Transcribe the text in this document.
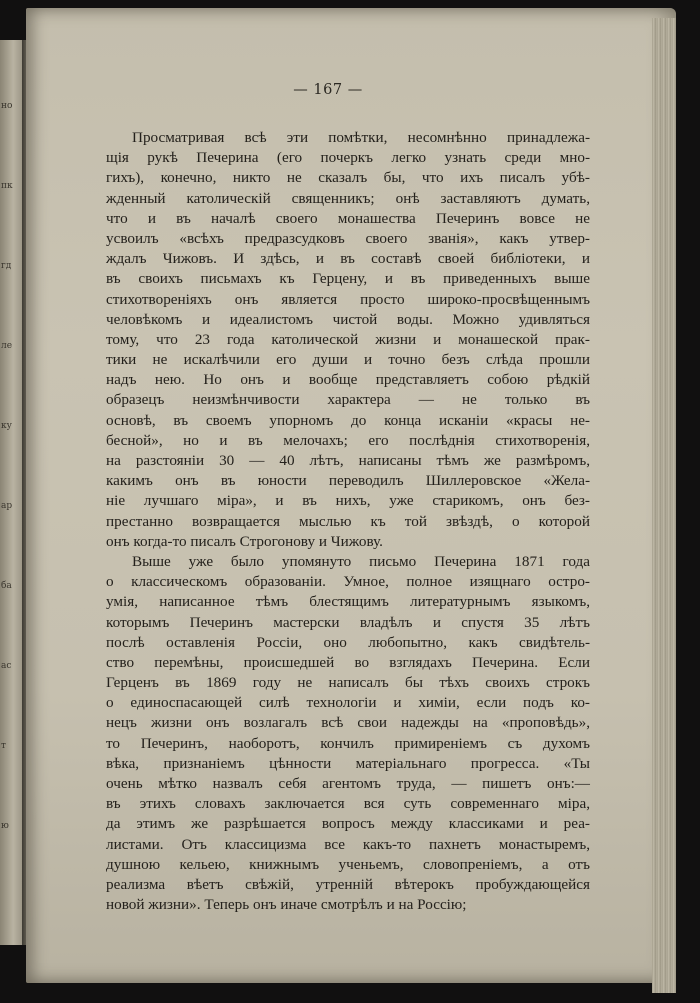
но
пк
гд
ле
ку
ар
ба
ас
т
ю
— 167 —
Просматривая всѣ эти помѣтки, несомнѣнно принадлежа-
щія рукѣ Печерина (его почеркъ легко узнать среди мно-
гихъ), конечно, никто не сказалъ бы, что ихъ писалъ убѣ-
жденный католическій священникъ; онѣ заставляютъ думать,
что и въ началѣ своего монашества Печеринъ вовсе не
усвоилъ «всѣхъ предразсудковъ своего званія», какъ утвер-
ждалъ Чижовъ. И здѣсь, и въ составѣ своей библіотеки, и
въ своихъ письмахъ къ Герцену, и въ приведенныхъ выше
стихотвореніяхъ онъ является просто широко-просвѣщеннымъ
человѣкомъ и идеалистомъ чистой воды. Можно удивляться
тому, что 23 года католической жизни и монашеской прак-
тики не искалѣчили его души и точно безъ слѣда прошли
надъ нею. Но онъ и вообще представляетъ собою рѣдкій
образецъ неизмѣнчивости характера — не только въ
основѣ, въ своемъ упорномъ до конца исканіи «красы не-
бесной», но и въ мелочахъ; его послѣднія стихотворенія,
на разстояніи 30 — 40 лѣтъ, написаны тѣмъ же размѣромъ,
какимъ онъ въ юности переводилъ Шиллеровское «Жела-
ніе лучшаго міра», и въ нихъ, уже старикомъ, онъ без-
престанно возвращается мыслью къ той звѣздѣ, о которой
онъ когда-то писалъ Строгонову и Чижову.
Выше уже было упомянуто письмо Печерина 1871 года
о классическомъ образованіи. Умное, полное изящнаго остро-
умія, написанное тѣмъ блестящимъ литературнымъ языкомъ,
которымъ Печеринъ мастерски владѣлъ и спустя 35 лѣтъ
послѣ оставленія Россіи, оно любопытно, какъ свидѣтель-
ство перемѣны, происшедшей во взглядахъ Печерина. Если
Герценъ въ 1869 году не написалъ бы тѣхъ своихъ строкъ
о единоспасающей силѣ технологіи и химіи, если подъ ко-
нецъ жизни онъ возлагалъ всѣ свои надежды на «проповѣдь»,
то Печеринъ, наоборотъ, кончилъ примиреніемъ съ духомъ
вѣка, признаніемъ цѣнности матеріальнаго прогресса. «Ты
очень мѣтко назвалъ себя агентомъ труда, — пишетъ онъ:—
въ этихъ словахъ заключается вся суть современнаго міра,
да этимъ же разрѣшается вопросъ между классиками и реа-
листами. Отъ классицизма все какъ-то пахнетъ монастыремъ,
душною кельею, книжнымъ ученьемъ, словопреніемъ, а отъ
реализма вѣетъ свѣжій, утренній вѣтерокъ пробуждающейся
новой жизни». Теперь онъ иначе смотрѣлъ и на Россію;
